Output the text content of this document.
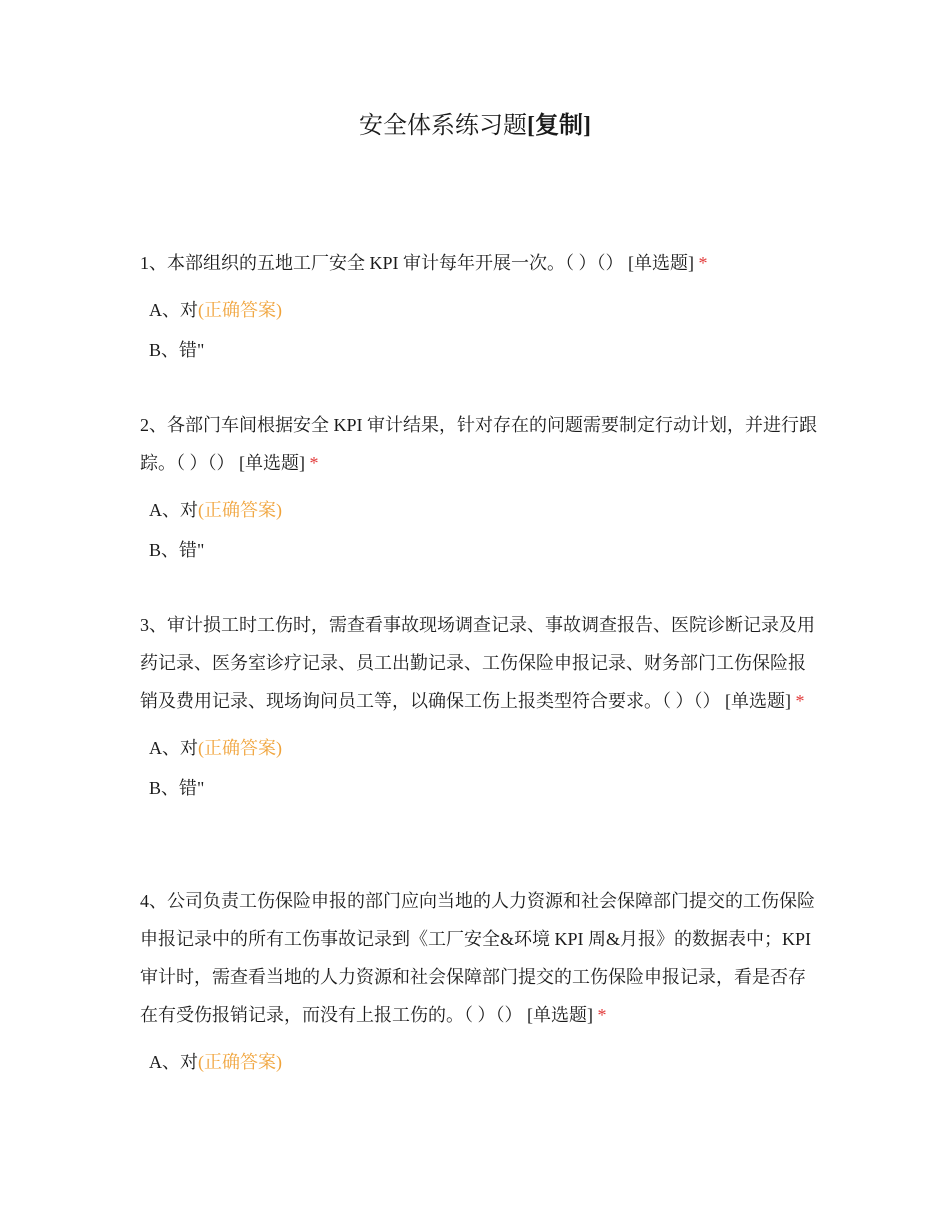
安全体系练习题[复制]

1、本部组织的五地工厂安全 KPI 审计每年开展一次。（ ）（） [单选题] *

A、对(正确答案)

B、错"

2、各部门车间根据安全 KPI 审计结果，针对存在的问题需要制定行动计划，并进行跟踪。（ ）（） [单选题] *

A、对(正确答案)

B、错"

3、审计损工时工伤时，需查看事故现场调查记录、事故调查报告、医院诊断记录及用药记录、医务室诊疗记录、员工出勤记录、工伤保险申报记录、财务部门工伤保险报销及费用记录、现场询问员工等，以确保工伤上报类型符合要求。（ ）（） [单选题] *

A、对(正确答案)

B、错"

4、公司负责工伤保险申报的部门应向当地的人力资源和社会保障部门提交的工伤保险申报记录中的所有工伤事故记录到《工厂安全&环境 KPI 周&月报》的数据表中；KPI 审计时，需查看当地的人力资源和社会保障部门提交的工伤保险申报记录，看是否存在有受伤报销记录，而没有上报工伤的。（ ）（） [单选题] *

A、对(正确答案)
